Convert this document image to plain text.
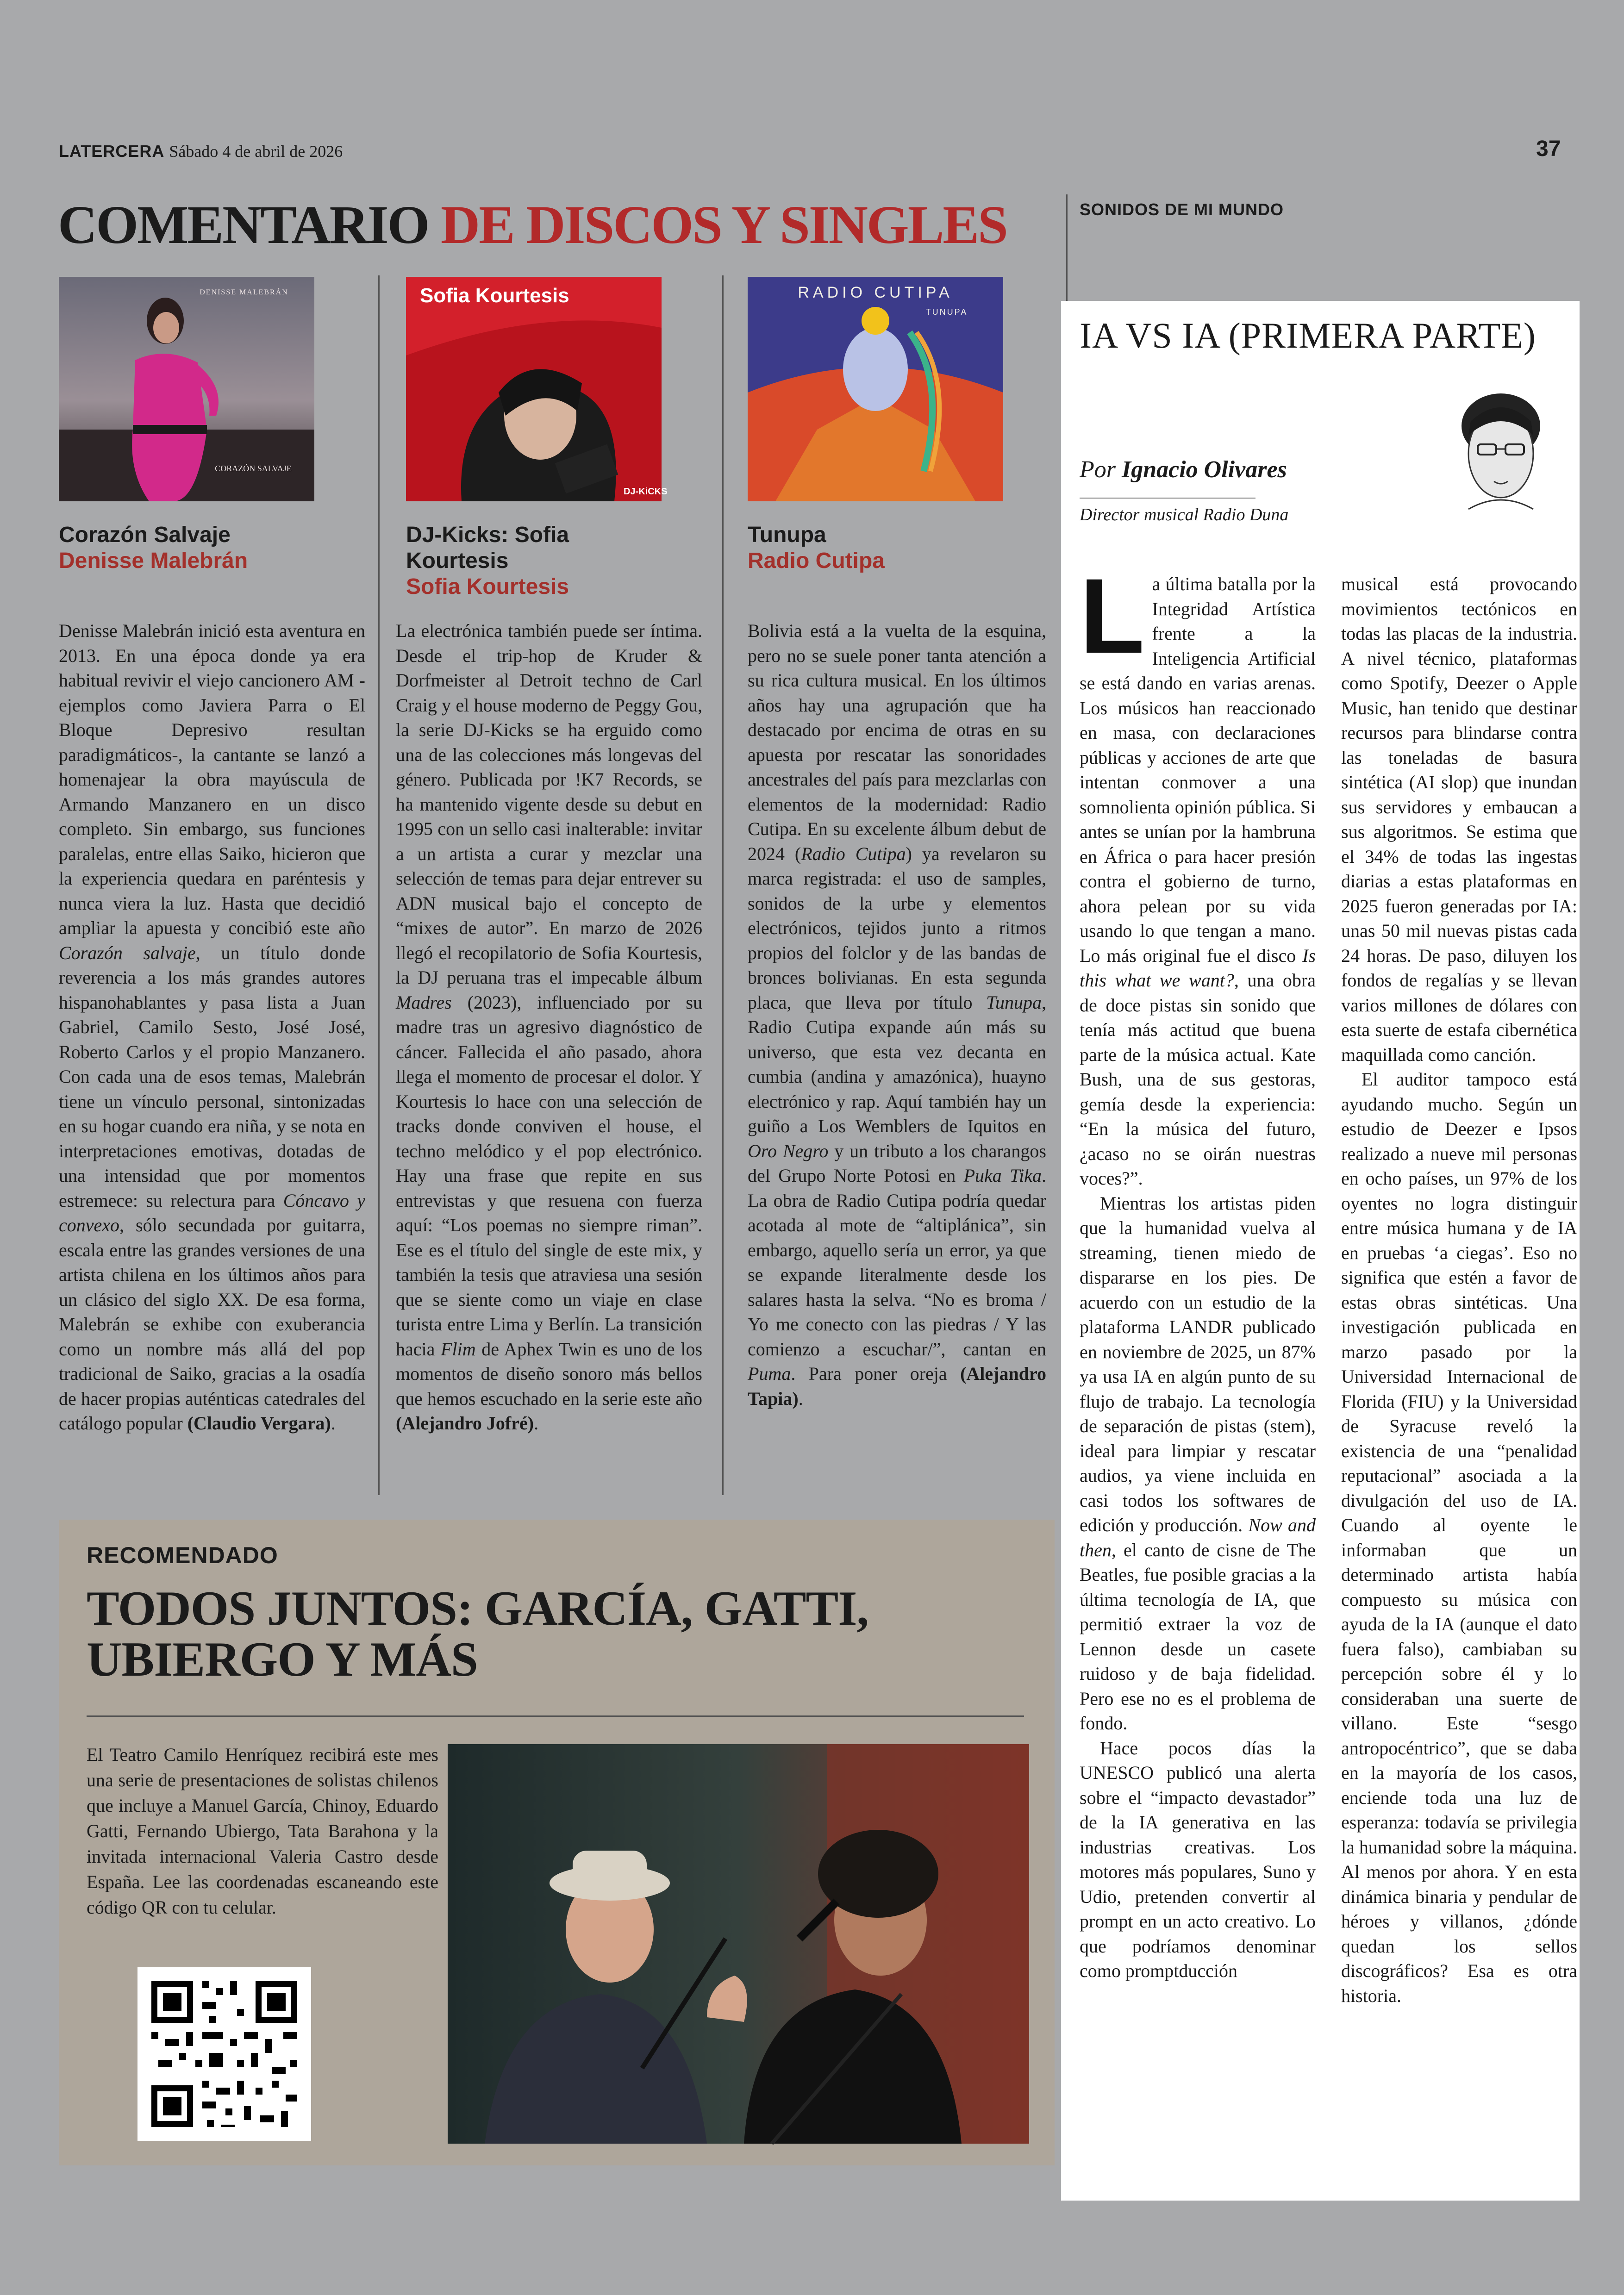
LATERCERA Sábado 4 de abril de 2026	37
COMENTARIO DE DISCOS Y SINGLES	SONIDOS DE MI MUNDO
CORAZÓN SALVAJE
DENISSE MALEBRÁN
Corazón Salvaje
Denisse Malebrán
Denisse Malebrán inició esta aventura en 2013. En una época donde ya era habitual revivir el viejo cancionero AM -ejemplos como Javiera Parra o El Bloque Depresivo resultan paradigmáticos-, la cantante se lanzó a homenajear la obra mayúscula de Armando Manzanero en un disco completo. Sin embargo, sus funciones paralelas, entre ellas Saiko, hicieron que la experiencia quedara en paréntesis y nunca viera la luz. Hasta que decidió ampliar la apuesta y concibió este año Corazón salvaje, un título donde reverencia a los más grandes autores hispanohablantes y pasa lista a Juan Gabriel, Camilo Sesto, José José, Roberto Carlos y el propio Manzanero. Con cada una de esos temas, Malebrán tiene un vínculo personal, sintonizadas en su hogar cuando era niña, y se nota en interpretaciones emotivas, dotadas de una intensidad que por momentos estremece: su relectura para Cóncavo y convexo, sólo secundada por guitarra, escala entre las grandes versiones de una artista chilena en los últimos años para un clásico del siglo XX. De esa forma, Malebrán se exhibe con exuberancia como un nombre más allá del pop tradicional de Saiko, gracias a la osadía de hacer propias auténticas catedrales del catálogo popular (Claudio Vergara).
Sofia Kourtesis
DJ-KiCKS
DJ-Kicks: Sofia Kourtesis
Sofia Kourtesis
La electrónica también puede ser íntima. Desde el trip-hop de Kruder & Dorfmeister al Detroit techno de Carl Craig y el house moderno de Peggy Gou, la serie DJ-Kicks se ha erguido como una de las colecciones más longevas del género. Publicada por !K7 Records, se ha mantenido vigente desde su debut en 1995 con un sello casi inalterable: invitar a un artista a curar y mezclar una selección de temas para dejar entrever su ADN musical bajo el concepto de “mixes de autor”. En marzo de 2026 llegó el recopilatorio de Sofia Kourtesis, la DJ peruana tras el impecable álbum Madres (2023), influenciado por su madre tras un agresivo diagnóstico de cáncer. Fallecida el año pasado, ahora llega el momento de procesar el dolor. Y Kourtesis lo hace con una selección de tracks donde conviven el house, el techno melódico y el pop electrónico. Hay una frase que repite en sus entrevistas y que resuena con fuerza aquí: “Los poemas no siempre riman”. Ese es el título del single de este mix, y también la tesis que atraviesa una sesión que se siente como un viaje en clase turista entre Lima y Berlín. La transición hacia Flim de Aphex Twin es uno de los momentos de diseño sonoro más bellos que hemos escuchado en la serie este año (Alejandro Jofré).
RADIO CUTIPA
TUNUPA
Tunupa
Radio Cutipa
Bolivia está a la vuelta de la esquina, pero no se suele poner tanta atención a su rica cultura musical. En los últimos años hay una agrupación que ha destacado por encima de otras en su apuesta por rescatar las sonoridades ancestrales del país para mezclarlas con elementos de la modernidad: Radio Cutipa. En su excelente álbum debut de 2024 (Radio Cutipa) ya revelaron su marca registrada: el uso de samples, sonidos de la urbe y elementos electrónicos, tejidos junto a ritmos propios del folclor y de las bandas de bronces bolivianas. En esta segunda placa, que lleva por título Tunupa, Radio Cutipa expande aún más su universo, que esta vez decanta en cumbia (andina y amazónica), huayno electrónico y rap. Aquí también hay un guiño a Los Wemblers de Iquitos en Oro Negro y un tributo a los charangos del Grupo Norte Potosi en Puka Tika. La obra de Radio Cutipa podría quedar acotada al mote de “altiplánica”, sin embargo, aquello sería un error, ya que se expande literalmente desde los salares hasta la selva. “No es broma / Yo me conecto con las piedras / Y las comienzo a escuchar/”, cantan en Puma. Para poner oreja (Alejandro Tapia).
RECOMENDADO
TODOS JUNTOS: GARCÍA, GATTI,
UBIERGO Y MÁS
El Teatro Camilo Henríquez recibirá este mes una serie de presentaciones de solistas chilenos que incluye a Manuel García, Chinoy, Eduardo Gatti, Fernando Ubiergo, Tata Barahona y la invitada internacional Valeria Castro desde España. Lee las coordenadas escaneando este código QR con tu celular.
IA VS IA (PRIMERA PARTE)
Por Ignacio Olivares
Director musical Radio Duna

La última batalla por la Integridad Artística frente a la Inteligencia Artificial se está dando en varias arenas. Los músicos han reaccionado en masa, con declaraciones públicas y acciones de arte que intentan conmover a una somnolienta opinión pública. Si antes se unían por la hambruna en África o para hacer presión contra el gobierno de turno, ahora pelean por su vida usando lo que tengan a mano. Lo más original fue el disco Is this what we want?, una obra de doce pistas sin sonido que tenía más actitud que buena parte de la música actual. Kate Bush, una de sus gestoras, gemía desde la experiencia: “En la música del futuro, ¿acaso no se oirán nuestras voces?”.

Mientras los artistas piden que la humanidad vuelva al streaming, tienen miedo de dispararse en los pies. De acuerdo con un estudio de la plataforma LANDR publicado en noviembre de 2025, un 87% ya usa IA en algún punto de su flujo de trabajo. La tecnología de separación de pistas (stem), ideal para limpiar y rescatar audios, ya viene incluida en casi todos los softwares de edición y producción. Now and then, el canto de cisne de The Beatles, fue posible gracias a la última tecnología de IA, que permitió extraer la voz de Lennon desde un casete ruidoso y de baja fidelidad. Pero ese no es el problema de fondo.

Hace pocos días la UNESCO publicó una alerta sobre el “impacto devastador” de la IA generativa en las industrias creativas. Los motores más populares, Suno y Udio, pretenden convertir al prompt en un acto creativo. Lo que podríamos denominar como promptducción

musical está provocando movimientos tectónicos en todas las placas de la industria. A nivel técnico, plataformas como Spotify, Deezer o Apple Music, han tenido que destinar recursos para blindarse contra las toneladas de basura sintética (AI slop) que inundan sus servidores y embaucan a sus algoritmos. Se estima que el 34% de todas las ingestas diarias a estas plataformas en 2025 fueron generadas por IA: unas 50 mil nuevas pistas cada 24 horas. De paso, diluyen los fondos de regalías y se llevan varios millones de dólares con esta suerte de estafa cibernética maquillada como canción.

El auditor tampoco está ayudando mucho. Según un estudio de Deezer e Ipsos realizado a nueve mil personas en ocho países, un 97% de los oyentes no logra distinguir entre música humana y de IA en pruebas ‘a ciegas’. Eso no significa que estén a favor de estas obras sintéticas. Una investigación publicada en marzo pasado por la Universidad Internacional de Florida (FIU) y la Universidad de Syracuse reveló la existencia de una “penalidad reputacional” asociada a la divulgación del uso de IA. Cuando al oyente le informaban que un determinado artista había compuesto su música con ayuda de la IA (aunque el dato fuera falso), cambiaban su percepción sobre él y lo consideraban una suerte de villano. Este “sesgo antropocéntrico”, que se daba en la mayoría de los casos, enciende toda una luz de esperanza: todavía se privilegia la humanidad sobre la máquina. Al menos por ahora. Y en esta dinámica binaria y pendular de héroes y villanos, ¿dónde quedan los sellos discográficos? Esa es otra historia.
